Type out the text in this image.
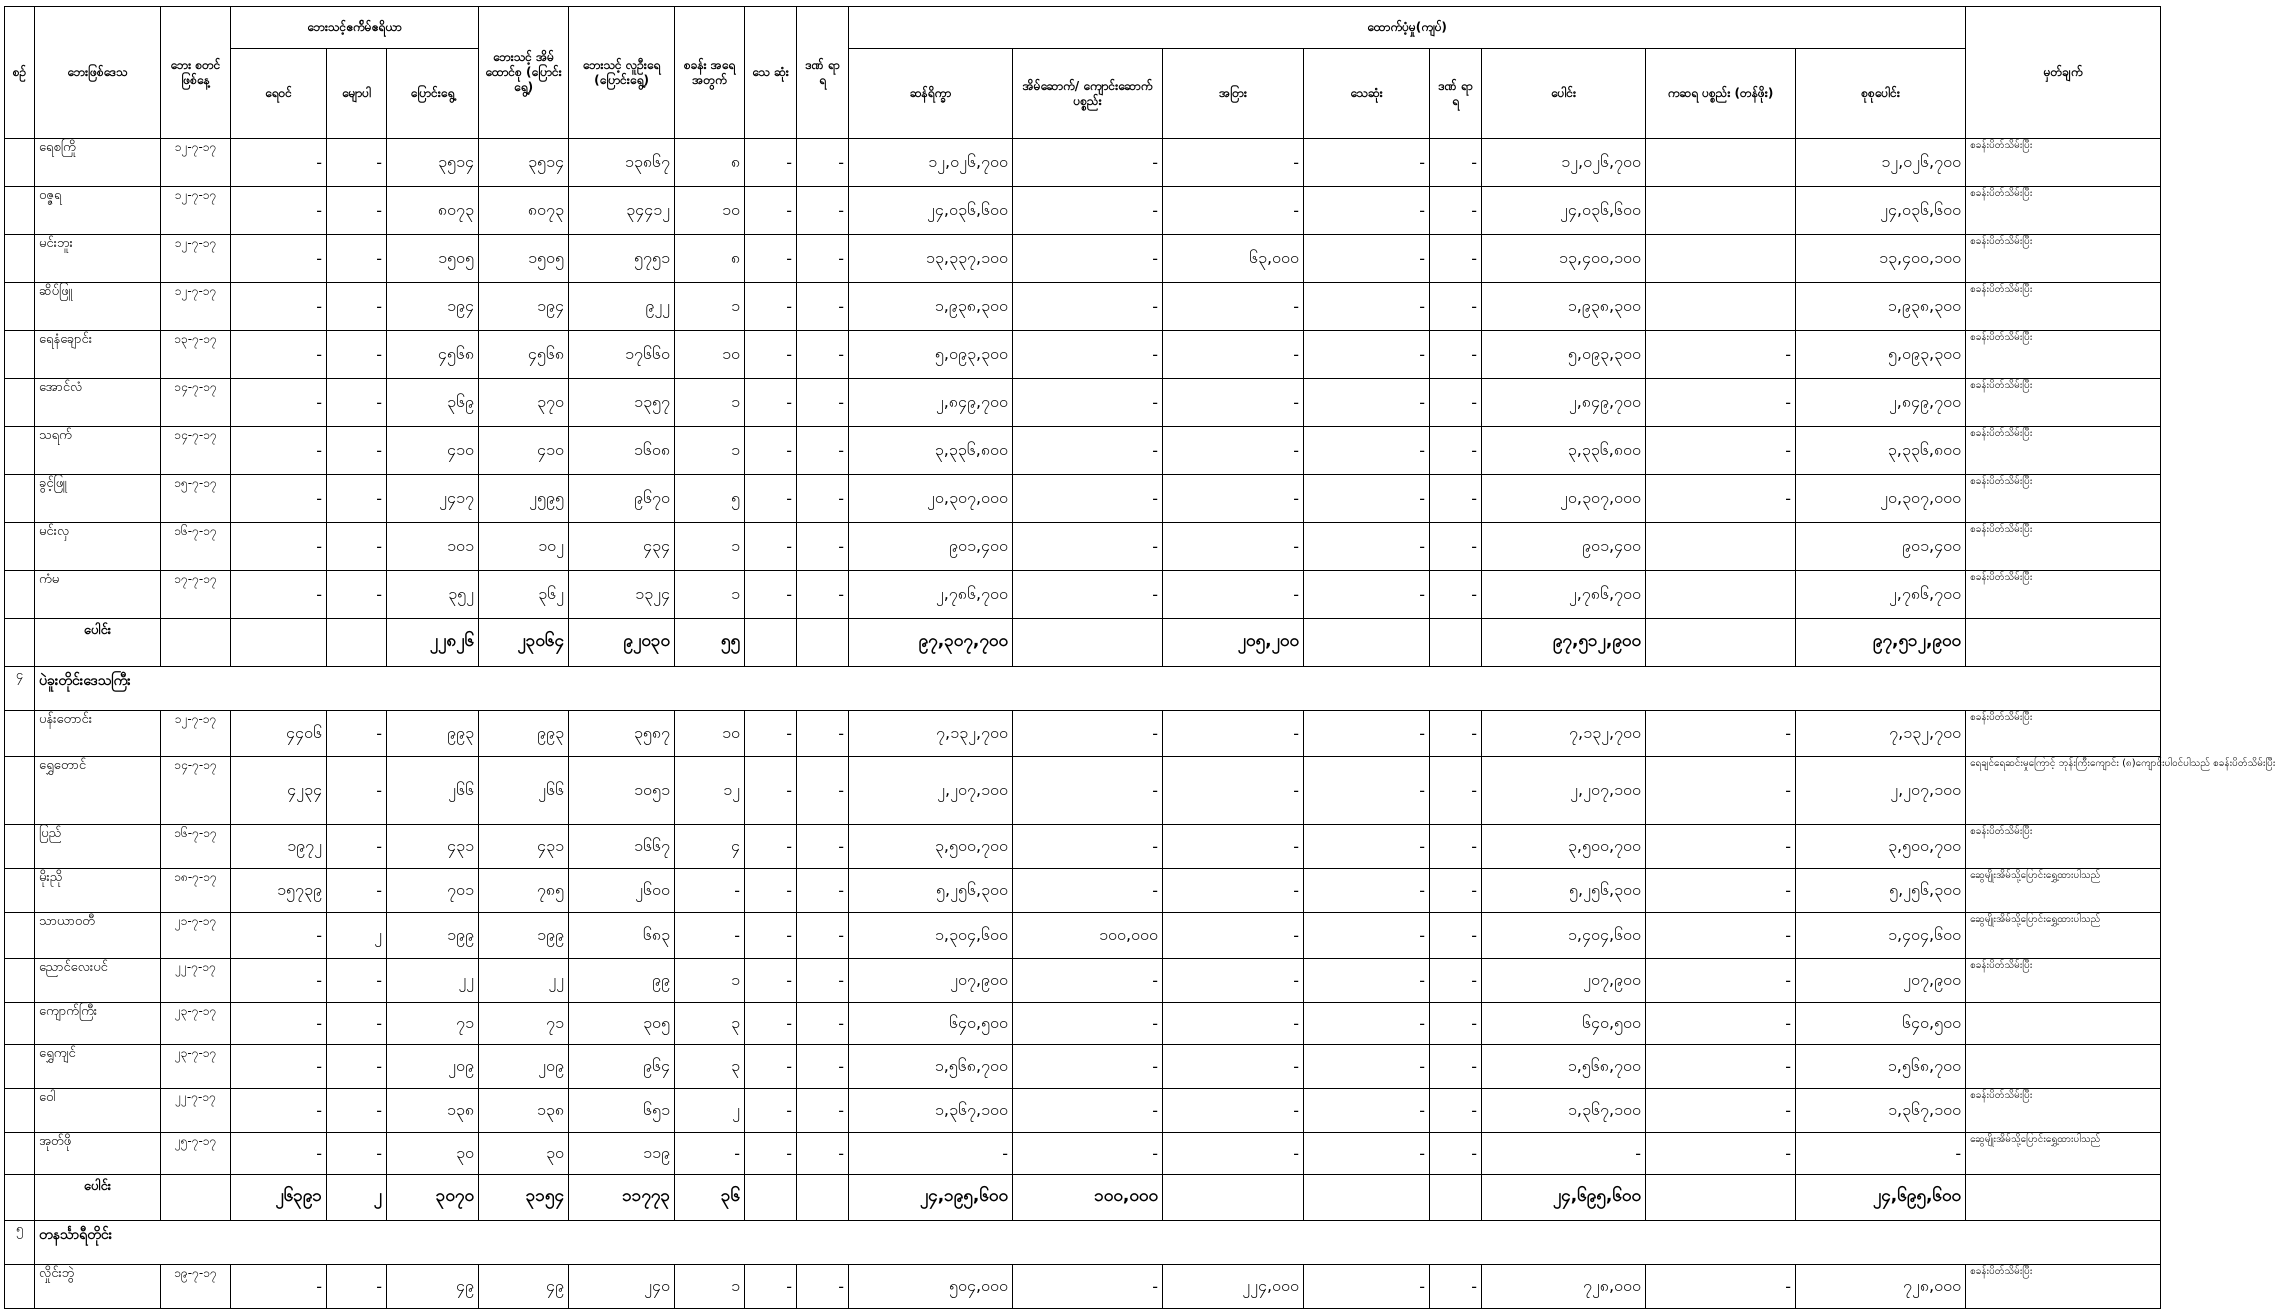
စဥ်	ဘေးဖြစ်ဒေသ	ဘေး စတင် ဖြစ်နေ့	ဘေးသင့်ဧက်ိမ်ဧရိယာ			ဘေးသင့် အိမ် ထောင်စု (ပြောင်းရွေ့)	ဘေးသင့် လူဦးရေ (ပြောင်းရွေ့)	စခန်း အရေ အတွက်	သေ ဆုံး	ဒဏ် ရာ ရ	ထောက်ပံ့မှု(ကျပ်)								မှတ်ချက်
			ရေဝင်	မျောပါ	ပြောင်းရွေ့						ဆန်ရိက္ခာ	အိမ်ဆောက်/ ကျောင်းဆောက် ပစ္စည်း	အဝြား	သေဆုံး	ဒဏ် ရာ ရ	ပေါင်း	ကဆရ ပစ္စည်း (တန်ဖိုး)	စုစုပေါင်း	
	ရေစကြို	၁၂-၇-၁၇	-	-	၃၅၁၄	၃၅၁၄	၁၃၈၆၇	၈	-	-	၁၂,၀၂၆,၇၀၀	-	-	-	-	၁၂,၀၂၆,၇၀၀		၁၂,၀၂၆,၇၀၀	စခန်းပိတ်သိမ်းပြီး
	ဝဇ္ဇရ	၁၂-၇-၁၇	-	-	၈၀၇၃	၈၀၇၃	၃၄၄၁၂	၁၀	-	-	၂၄,၀၃၆,၆၀၀	-	-	-	-	၂၄,၀၃၆,၆၀၀		၂၄,၀၃၆,၆၀၀	စခန်းပိတ်သိမ်းပြီး
	မင်းဘူး	၁၂-၇-၁၇	-	-	၁၅၀၅	၁၅၀၅	၅၇၅၁	၈	-	-	၁၃,၃၃၇,၁၀၀	-	၆၃,၀၀၀	-	-	၁၃,၄၀၀,၁၀၀		၁၃,၄၀၀,၁၀၀	စခန်းပိတ်သိမ်းပြီး
	ဆိပ်ဖြူ	၁၂-၇-၁၇	-	-	၁၉၄	၁၉၄	၉၂၂	၁	-	-	၁,၉၃၈,၃၀၀	-	-	-	-	၁,၉၃၈,၃၀၀		၁,၉၃၈,၃၀၀	စခန်းပိတ်သိမ်းပြီး
	ရေနံချောင်း	၁၃-၇-၁၇	-	-	၄၅၆၈	၄၅၆၈	၁၇၆၆၀	၁၀	-	-	၅,၀၉၃,၃၀၀	-	-	-	-	၅,၀၉၃,၃၀၀	-	၅,၀၉၃,၃၀၀	စခန်းပိတ်သိမ်းပြီး
	အောင်လံ	၁၄-၇-၁၇	-	-	၃၆၉	၃၇၀	၁၃၅၇	၁	-	-	၂,၈၄၉,၇၀၀	-	-	-	-	၂,၈၄၉,၇၀၀	-	၂,၈၄၉,၇၀၀	စခန်းပိတ်သိမ်းပြီး
	သရက်	၁၄-၇-၁၇	-	-	၄၁၀	၄၁၀	၁၆၀၈	၁	-	-	၃,၃၃၆,၈၀၀	-	-	-	-	၃,၃၃၆,၈၀၀	-	၃,၃၃၆,၈၀၀	စခန်းပိတ်သိမ်းပြီး
	ခွင့်ဖြူ	၁၅-၇-၁၇	-	-	၂၄၁၇	၂၅၉၅	၉၆၇၀	၅	-	-	၂၀,၃၀၇,၀၀၀	-	-	-	-	၂၀,၃၀၇,၀၀၀	-	၂၀,၃၀၇,၀၀၀	စခန်းပိတ်သိမ်းပြီး
	မင်းလှ	၁၆-၇-၁၇	-	-	၁၀၁	၁၀၂	၄၃၄	၁	-	-	၉၀၁,၄၀၀	-	-	-	-	၉၀၁,၄၀၀		၉၀၁,၄၀၀	စခန်းပိတ်သိမ်းပြီး
	ကံမ	၁၇-၇-၁၇	-	-	၃၅၂	၃၆၂	၁၃၂၄	၁	-	-	၂,၇၈၆,၇၀၀	-	-	-	-	၂,၇၈၆,၇၀၀		၂,၇၈၆,၇၀၀	စခန်းပိတ်သိမ်းပြီး
	ပေါင်း				၂၂၈၂၆	၂၃၀၆၄	၉၂၀၃၀	၅၅			၉၇,၃၀၇,၇၀၀		၂၀၅,၂၀၀			၉၇,၅၁၂,၉၀၀		၉၇,၅၁၂,၉၀၀	
၄	ပဲခူးတိုင်းဒေသကြီး																		
	ပန်းတောင်း	၁၂-၇-၁၇	၄၄၀၆	-	၉၉၃	၉၉၃	၃၅၈၇	၁၀	-	-	၇,၁၃၂,၇၀၀	-	-	-	-	၇,၁၃၂,၇၀၀	-	၇,၁၃၂,၇၀၀	စခန်းပိတ်သိမ်းပြီး
	ရွှေတောင်	၁၄-၇-၁၇	၄၂၃၄	-	၂၆၆	၂၆၆	၁၀၅၁	၁၂	-	-	၂,၂၀၇,၁၀၀	-	-	-	-	၂,၂၀၇,၁၀၀	-	၂,၂၀၇,၁၀၀	ရေချင်ရေဆင်းမှုကြောင့် ဘုန်းကြီးကျောင်း (၈)ကျောင်းပါဝင်ပါသည် စခန်းပိတ်သိမ်းပြီး
	ပြည်	၁၆-၇-၁၇	၁၉၇၂	-	၄၃၁	၄၃၁	၁၆၆၇	၄	-	-	၃,၅၀၀,၇၀၀	-	-	-	-	၃,၅၀၀,၇၀၀	-	၃,၅၀၀,၇၀၀	စခန်းပိတ်သိမ်းပြီး
	မိုးညို	၁၈-၇-၁၇	၁၅၇၃၉	-	၇၀၁	၇၈၅	၂၆၀၀	-	-	-	၅,၂၅၆,၃၀၀	-	-	-	-	၅,၂၅၆,၃၀၀	-	၅,၂၅၆,၃၀၀	ဆွေမျိုးအိမ်သို့ပြောင်းရွှေ့ထားပါသည်
	သာယာဝတီ	၂၁-၇-၁၇	-	၂	၁၉၉	၁၉၉	၆၈၃	-	-	-	၁,၃၀၄,၆၀၀	၁၀၀,၀၀၀	-	-	-	၁,၄၀၄,၆၀၀	-	၁,၄၀၄,၆၀၀	ဆွေမျိုးအိမ်သို့ပြောင်းရွှေ့ထားပါသည်
	ညောင်လေးပင်	၂၂-၇-၁၇	-	-	၂၂	၂၂	၉၉	၁	-	-	၂၀၇,၉၀၀	-	-	-	-	၂၀၇,၉၀၀	-	၂၀၇,၉၀၀	စခန်းပိတ်သိမ်းပြီး
	ကျောက်ကြီး	၂၃-၇-၁၇	-	-	၇၁	၇၁	၃၀၅	၃	-	-	၆၄၀,၅၀၀	-	-	-	-	၆၄၀,၅၀၀	-	၆၄၀,၅၀၀	
	ရွှေကျင်	၂၃-၇-၁၇	-	-	၂၀၉	၂၀၉	၉၆၄	၃	-	-	၁,၅၆၈,၇၀၀	-	-	-	-	၁,၅၆၈,၇၀၀	-	၁,၅၆၈,၇၀၀	
	ဝေါ	၂၂-၇-၁၇	-	-	၁၃၈	၁၃၈	၆၅၁	၂	-	-	၁,၃၆၇,၁၀၀	-	-	-	-	၁,၃၆၇,၁၀၀	-	၁,၃၆၇,၁၀၀	စခန်းပိတ်သိမ်းပြီး
	အုတ်ဖို	၂၅-၇-၁၇	-	-	၃၀	၃၀	၁၁၉	-	-	-	-	-	-	-	-	-	-	-	ဆွေမျိုးအိမ်သို့ပြောင်းရွှေ့ထားပါသည်
	ပေါင်း		၂၆၃၉၁	၂	၃၀၇၀	၃၁၅၄	၁၁၇၇၃	၃၆			၂၄,၁၉၅,၆၀၀	၁၀၀,၀၀၀				၂၄,၆၉၅,၆၀၀		၂၄,၆၉၅,၆၀၀	
၅	တနင်္သာရီတိုင်း																		
	လှိုင်းဘွဲ	၁၉-၇-၁၇	-	-	၄၉	၄၉	၂၄၀	၁	-	-	၅၀၄,၀၀၀	-	၂၂၄,၀၀၀	-	-	၇၂၈,၀၀၀	-	၇၂၈,၀၀၀	စခန်းပိတ်သိမ်းပြီး
